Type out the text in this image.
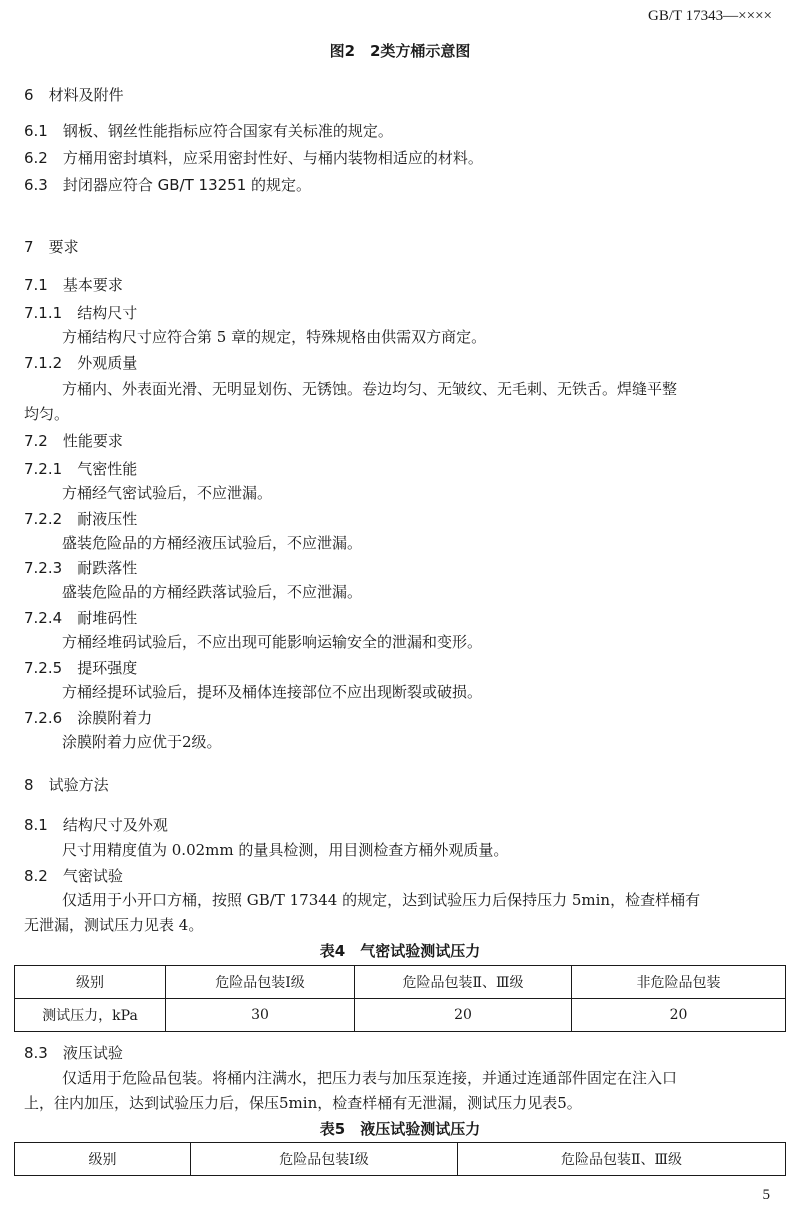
GB/T 17343—××××
图2　2类方桶示意图
6　 材料及附件
6.1　 钢板、钢丝性能指标应符合国家有关标准的规定。
6.2　 方桶用密封填料，应采用密封性好、与桶内装物相适应的材料。
6.3　 封闭器应符合 GB/T 13251 的规定。
7　 要求
7.1　 基本要求
7.1.1　 结构尺寸
方桶结构尺寸应符合第 5 章的规定，特殊规格由供需双方商定。
7.1.2　 外观质量
方桶内、外表面光滑、无明显划伤、无锈蚀。卷边均匀、无皱纹、无毛刺、无铁舌。焊缝平整
均匀。
7.2　 性能要求
7.2.1　 气密性能
方桶经气密试验后，不应泄漏。
7.2.2　 耐液压性
盛装危险品的方桶经液压试验后，不应泄漏。
7.2.3　 耐跌落性
盛装危险品的方桶经跌落试验后，不应泄漏。
7.2.4　 耐堆码性
方桶经堆码试验后，不应出现可能影响运输安全的泄漏和变形。
7.2.5　 提环强度
方桶经提环试验后，提环及桶体连接部位不应出现断裂或破损。
7.2.6　 涂膜附着力
涂膜附着力应优于2级。
8　 试验方法
8.1　 结构尺寸及外观
尺寸用精度值为 0.02mm 的量具检测，用目测检查方桶外观质量。
8.2　 气密试验
仅适用于小开口方桶，按照 GB/T 17344 的规定，达到试验压力后保持压力 5min，检查样桶有
无泄漏，测试压力见表 4。
表4　气密试验测试压力
级别	危险品包装Ⅰ级	危险品包装Ⅱ、Ⅲ级	非危险品包装
测试压力，kPa	30	20	20
8.3　 液压试验
仅适用于危险品包装。将桶内注满水，把压力表与加压泵连接，并通过连通部件固定在注入口
上，往内加压，达到试验压力后，保压5min，检查样桶有无泄漏，测试压力见表5。
表5　液压试验测试压力
级别	危险品包装Ⅰ级	危险品包装Ⅱ、Ⅲ级
5
